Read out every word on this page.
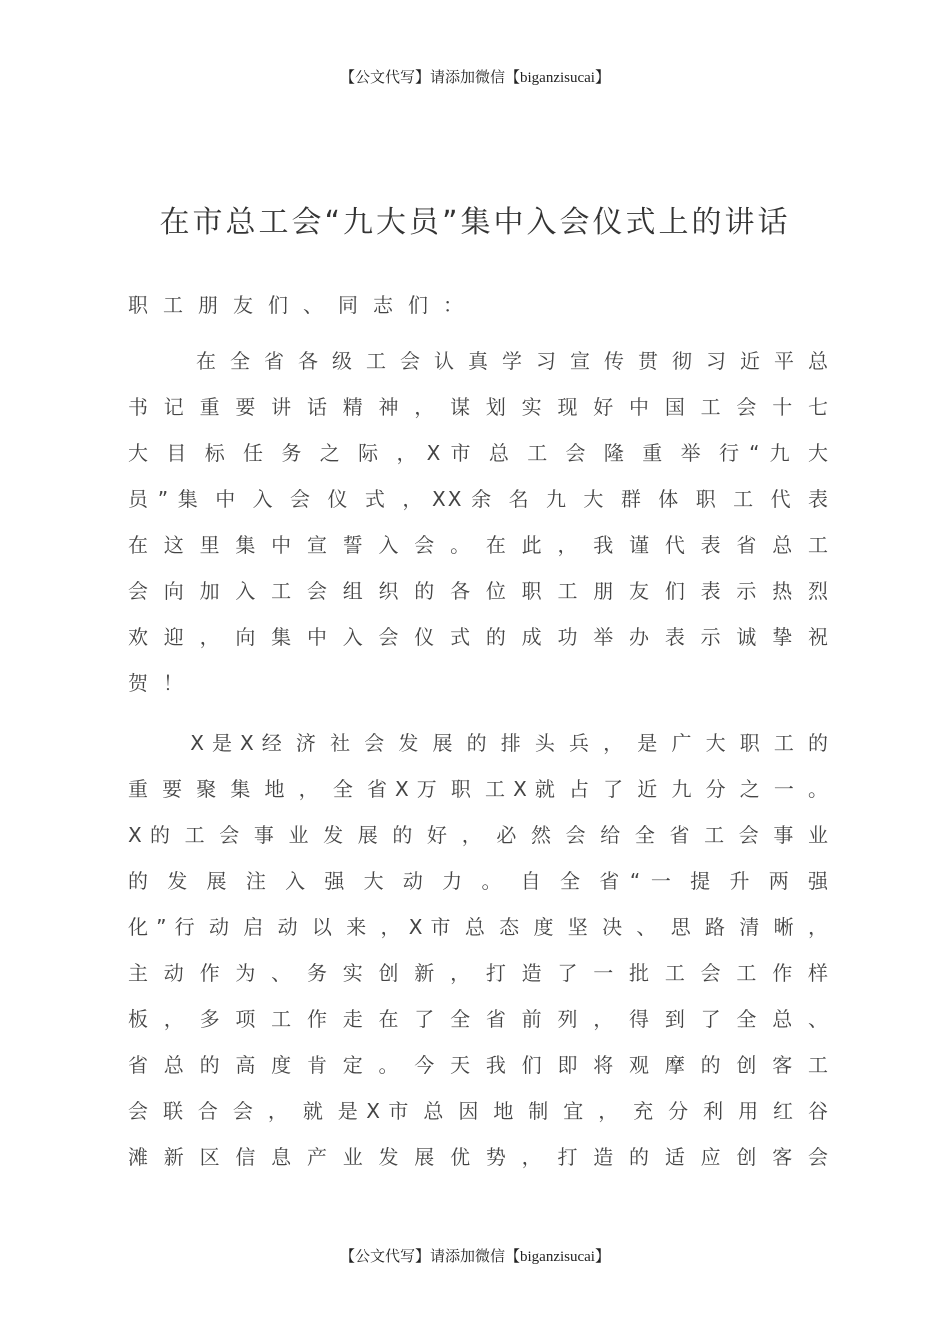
【公文代写】请添加微信【biganzisucai】
在市总工会“九大员”集中入会仪式上的讲话
职工朋友们、同志们：
　 　 在 全 省 各 级 工 会 认 真 学 习 宣 传 贯 彻 习 近 平 总
书 记 重 要 讲 话 精 神 ， 谋 划 实 现 好 中 国 工 会 十 七
大 目 标 任 务 之 际 ， X 市 总 工 会 隆 重 举 行 “ 九 大
员 ” 集 中 入 会 仪 式 ， X X 余 名 九 大 群 体 职 工 代 表
在 这 里 集 中 宣 誓 入 会 。 在 此 ， 我 谨 代 表 省 总 工
会 向 加 入 工 会 组 织 的 各 位 职 工 朋 友 们 表 示 热 烈
欢 迎 ， 向 集 中 入 会 仪 式 的 成 功 举 办 表 示 诚 挚 祝
贺！
　 　 X 是 X 经 济 社 会 发 展 的 排 头 兵 ， 是 广 大 职 工 的
重 要 聚 集 地 ， 全 省 X 万 职 工 X 就 占 了 近 九 分 之 一 。
X 的 工 会 事 业 发 展 的 好 ， 必 然 会 给 全 省 工 会 事 业
的 发 展 注 入 强 大 动 力 。 自 全 省 “ 一 提 升 两 强
化 ” 行 动 启 动 以 来 ， X 市 总 态 度 坚 决 、 思 路 清 晰 ，
主 动 作 为 、 务 实 创 新 ， 打 造 了 一 批 工 会 工 作 样
板 ， 多 项 工 作 走 在 了 全 省 前 列 ， 得 到 了 全 总 、
省 总 的 高 度 肯 定 。 今 天 我 们 即 将 观 摩 的 创 客 工
会 联 合 会 ， 就 是 X 市 总 因 地 制 宜 ， 充 分 利 用 红 谷
滩 新 区 信 息 产 业 发 展 优 势 ， 打 造 的 适 应 创 客 会
【公文代写】请添加微信【biganzisucai】
